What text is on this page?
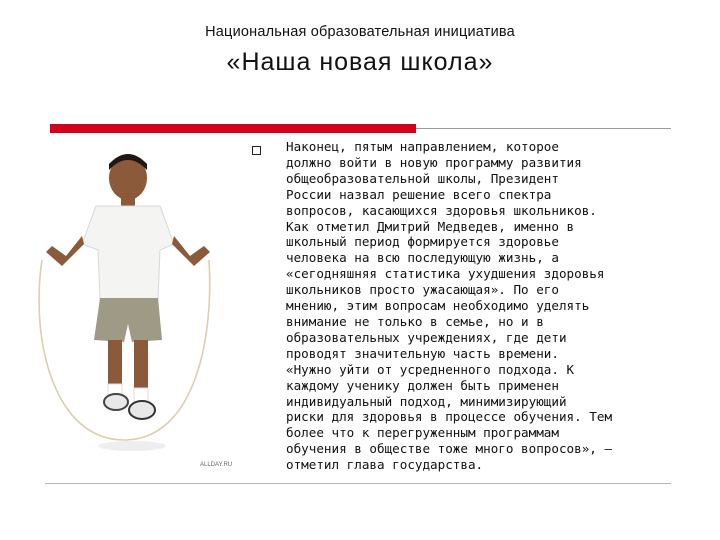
Национальная образовательная инициатива
«Наша новая школа»
ALLDAY.RU
Наконец, пятым направлением, которое
должно войти в новую программу развития
общеобразовательной школы, Президент
России назвал решение всего спектра
вопросов, касающихся здоровья школьников.
Как отметил Дмитрий Медведев, именно в
школьный период формируется здоровье
человека на всю последующую жизнь, а
«сегодняшняя статистика ухудшения здоровья
школьников просто ужасающая». По его
мнению, этим вопросам необходимо уделять
внимание не только в семье, но и в
образовательных учреждениях, где дети
проводят значительную часть времени.
«Нужно уйти от усредненного подхода. К
каждому ученику должен быть применен
индивидуальный подход, минимизирующий
риски для здоровья в процессе обучения. Тем
более что к перегруженным программам
обучения в обществе тоже много вопросов», –
отметил глава государства.
